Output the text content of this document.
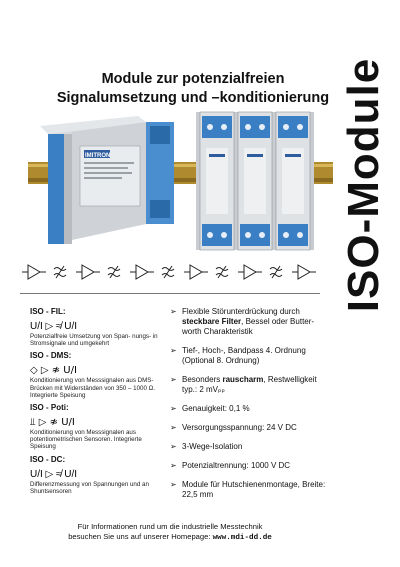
Module zur potenzialfreien
Signalumsetzung und –konditionierung ISO-Module
IMITRON
ISO - FIL:
U/I ▷ ≉ U/I
Potenzialfreie Umsetzung von Span- nungs- in Stromsignale und umgekehrt
ISO - DMS:
◇ ▷ ≉ U/I
Konditionierung von Messsignalen aus DMS-Brücken mit Widerständen von 350 – 1000 Ω. Integrierte Speisung
ISO - Poti:
⫫ ▷ ≉ U/I
Konditionierung von Messsignalen aus potentiometrischen Sensoren. Integrierte Speisung
ISO - DC:
U/I ▷ ≉ U/I
Differenzmessung von Spannungen und an Shuntsensoren
➢ Flexible Störunterdrückung durch steckbare Filter, Bessel oder Butter- worth Charakteristik
➢ Tief-, Hoch-, Bandpass 4. Ordnung (Optional 8. Ordnung)
➢ Besonders rauscharm, Restwelligkeit typ.: 2 mVₚₚ
➢ Genauigkeit: 0,1 %
➢ Versorgungsspannung: 24 V DC
➢ 3-Wege-Isolation
➢ Potenzialtrennung: 1000 V DC
➢ Module für Hutschienenmontage, Breite: 22,5 mm
Für Informationen rund um die industrielle Messtechnik
besuchen Sie uns auf unserer Homepage: www.mdi-dd.de
